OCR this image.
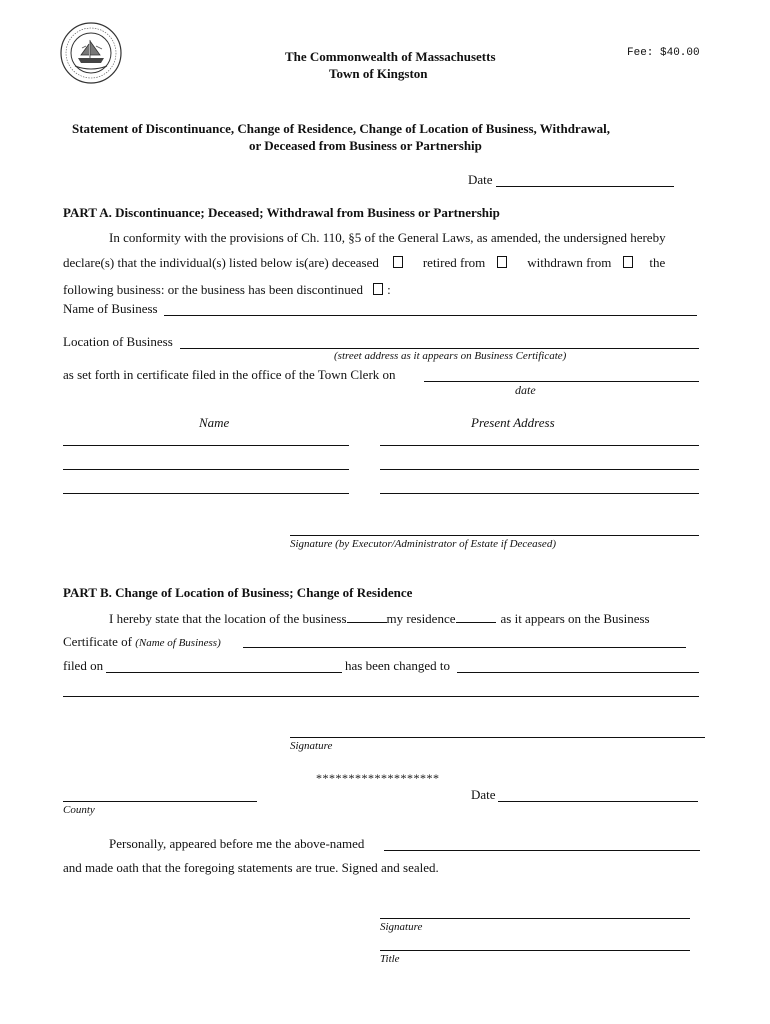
The Commonwealth of Massachusetts
Town of Kingston
Fee: $40.00
Statement of Discontinuance, Change of Residence, Change of Location of Business, Withdrawal,
or Deceased from Business or Partnership
Date
PART A. Discontinuance; Deceased; Withdrawal from Business or Partnership
In conformity with the provisions of Ch. 110, §5 of the General Laws, as amended, the undersigned hereby
declare(s) that the individual(s) listed below is(are) deceased	retired from	withdrawn from	the
following business: or the business has been discontinued :
Name of Business
Location of Business
(street address as it appears on Business Certificate)
as set forth in certificate filed in the office of the Town Clerk on
date
Name	Present Address
Signature (by Executor/Administrator of Estate if Deceased)
PART B. Change of Location of Business; Change of Residence
I hereby state that the location of the business	my residence	as it appears on the Business
Certificate of (Name of Business)
filed on	has been changed to
Signature
*******************
County
Date
Personally, appeared before me the above-named
and made oath that the foregoing statements are true. Signed and sealed.
Signature
Title
